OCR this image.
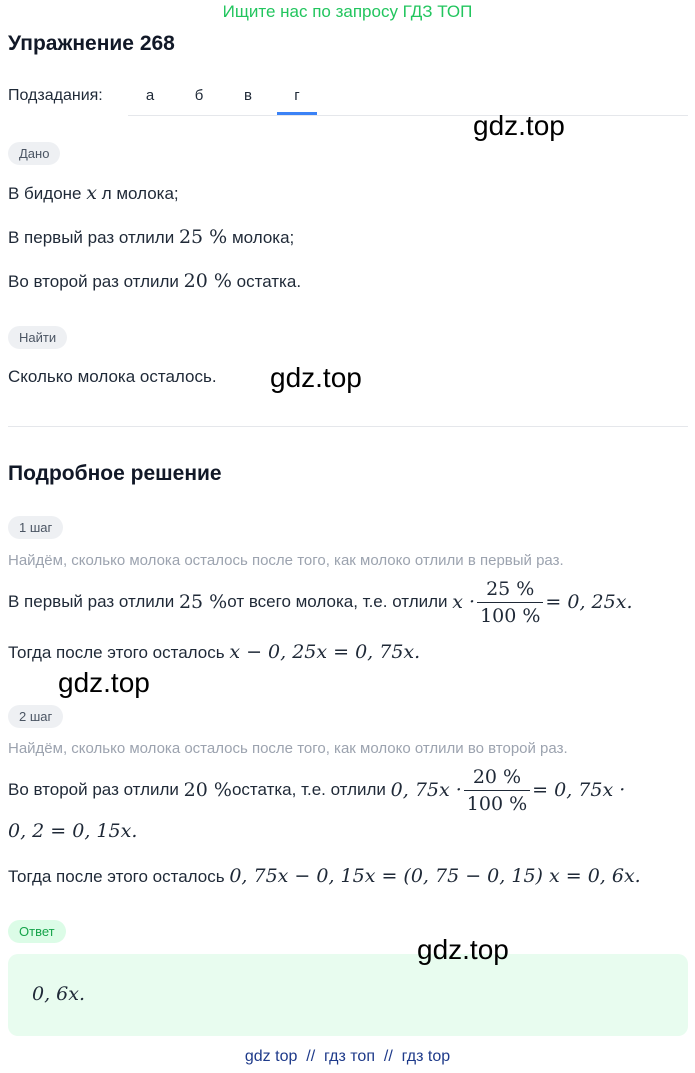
Ищите нас по запросу ГДЗ ТОП
Упражнение 268
Подзадания:	а	б	в	г
gdz.top
Дано
В бидоне x л молока;
В первый раз отлили 25 % молока;
Во второй раз отлили 20 % остатка.
Найти
Сколько молока осталось. gdz.top
Подробное решение
1 шаг
Найдём, сколько молока осталось после того, как молоко отлили в первый раз.
В первый раз отлили
25 % от всего молока, т.е. отлили
$x \cdot \frac{25 \%}{100 \%} = 0$, 25x.
Тогда после этого осталось x − 0, 25x = 0, 75x.
gdz.top
2 шаг
Найдём, сколько молока осталось после того, как молоко отлили во второй раз.
Во второй раз отлили
20 % остатка, т.е. отлили
0, $75x \cdot \frac{20 \%}{100 \%} = 0$, 75x ·
0, 2 = 0, 15x.
Тогда после этого осталось 0, 75x − 0, 15x = (0, 75 − 0, 15) x = 0, 6x.
Ответ
0, 6x.
gdz.top
gdz top  //  гдз топ  //  гдз top
